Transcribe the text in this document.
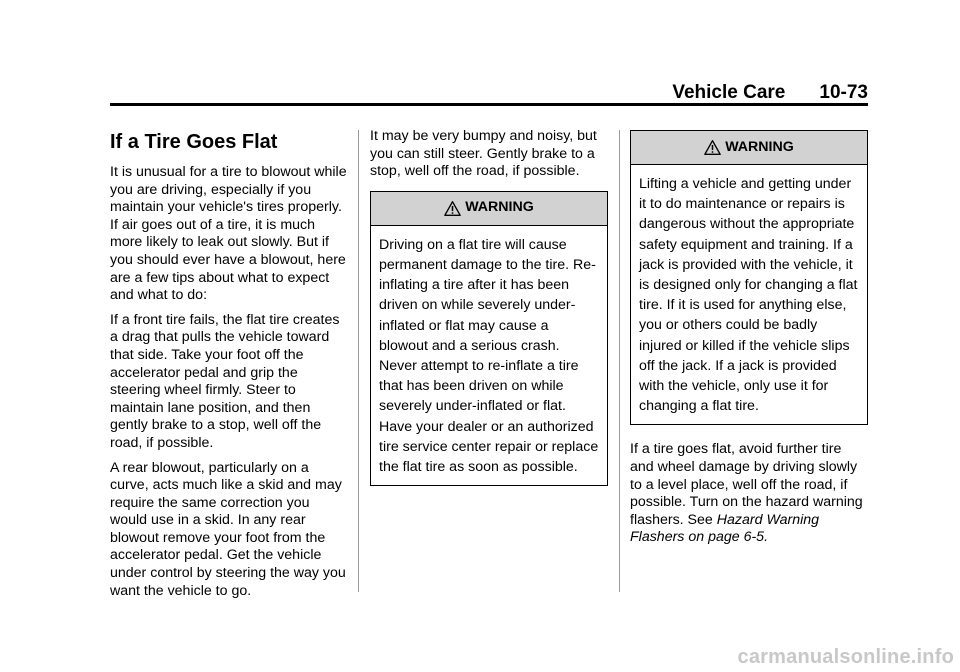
Vehicle Care 10-73
If a Tire Goes Flat

It is unusual for a tire to blowout while you are driving, especially if you maintain your vehicle's tires properly. If air goes out of a tire, it is much more likely to leak out slowly. But if you should ever have a blowout, here are a few tips about what to expect and what to do:

If a front tire fails, the flat tire creates a drag that pulls the vehicle toward that side. Take your foot off the accelerator pedal and grip the steering wheel firmly. Steer to maintain lane position, and then gently brake to a stop, well off the road, if possible.

A rear blowout, particularly on a curve, acts much like a skid and may require the same correction you would use in a skid. In any rear blowout remove your foot from the accelerator pedal. Get the vehicle under control by steering the way you want the vehicle to go.

It may be very bumpy and noisy, but you can still steer. Gently brake to a stop, well off the road, if possible.

WARNING
Driving on a flat tire will cause permanent damage to the tire. Re-inflating a tire after it has been driven on while severely under-inflated or flat may cause a blowout and a serious crash. Never attempt to re-inflate a tire that has been driven on while severely under-inflated or flat. Have your dealer or an authorized tire service center repair or replace the flat tire as soon as possible.
WARNING
Lifting a vehicle and getting under it to do maintenance or repairs is dangerous without the appropriate safety equipment and training. If a jack is provided with the vehicle, it is designed only for changing a flat tire. If it is used for anything else, you or others could be badly injured or killed if the vehicle slips off the jack. If a jack is provided with the vehicle, only use it for changing a flat tire.

If a tire goes flat, avoid further tire and wheel damage by driving slowly to a level place, well off the road, if possible. Turn on the hazard warning flashers. See Hazard Warning Flashers on page 6-5.

carmanualsonline.info
